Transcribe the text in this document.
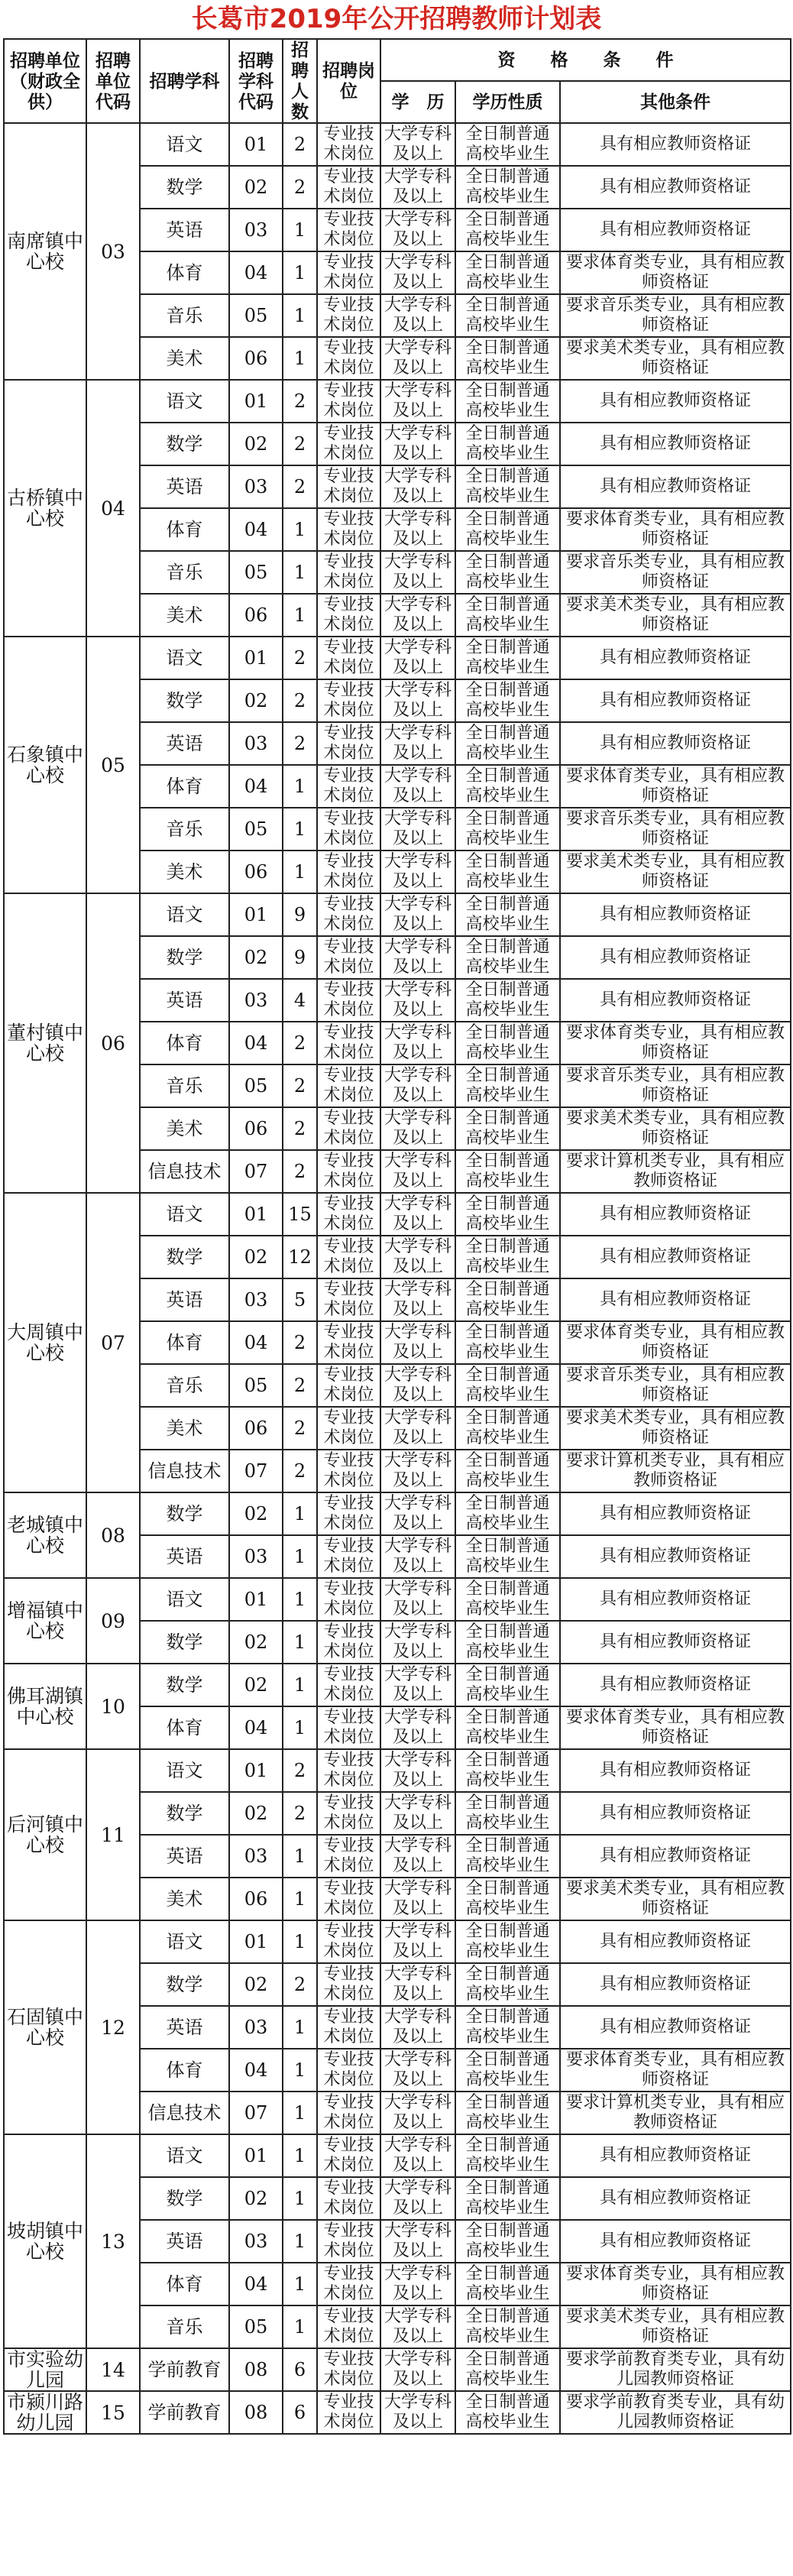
长葛市2019年公开招聘教师计划表
招聘单位（财政全供）	招聘单位代码	招聘学科	招聘学科代码	招聘人数	招聘岗位	资　　格　　条　　件		
						学　历	学历性质	其他条件
南席镇中心校	03	语文	01	2	专业技术岗位	大学专科及以上	全日制普通高校毕业生	具有相应教师资格证
		数学	02	2	专业技术岗位	大学专科及以上	全日制普通高校毕业生	具有相应教师资格证
		英语	03	1	专业技术岗位	大学专科及以上	全日制普通高校毕业生	具有相应教师资格证
		体育	04	1	专业技术岗位	大学专科及以上	全日制普通高校毕业生	要求体育类专业，具有相应教师资格证
		音乐	05	1	专业技术岗位	大学专科及以上	全日制普通高校毕业生	要求音乐类专业，具有相应教师资格证
		美术	06	1	专业技术岗位	大学专科及以上	全日制普通高校毕业生	要求美术类专业，具有相应教师资格证
古桥镇中心校	04	语文	01	2	专业技术岗位	大学专科及以上	全日制普通高校毕业生	具有相应教师资格证
		数学	02	2	专业技术岗位	大学专科及以上	全日制普通高校毕业生	具有相应教师资格证
		英语	03	2	专业技术岗位	大学专科及以上	全日制普通高校毕业生	具有相应教师资格证
		体育	04	1	专业技术岗位	大学专科及以上	全日制普通高校毕业生	要求体育类专业，具有相应教师资格证
		音乐	05	1	专业技术岗位	大学专科及以上	全日制普通高校毕业生	要求音乐类专业，具有相应教师资格证
		美术	06	1	专业技术岗位	大学专科及以上	全日制普通高校毕业生	要求美术类专业，具有相应教师资格证
石象镇中心校	05	语文	01	2	专业技术岗位	大学专科及以上	全日制普通高校毕业生	具有相应教师资格证
		数学	02	2	专业技术岗位	大学专科及以上	全日制普通高校毕业生	具有相应教师资格证
		英语	03	2	专业技术岗位	大学专科及以上	全日制普通高校毕业生	具有相应教师资格证
		体育	04	1	专业技术岗位	大学专科及以上	全日制普通高校毕业生	要求体育类专业，具有相应教师资格证
		音乐	05	1	专业技术岗位	大学专科及以上	全日制普通高校毕业生	要求音乐类专业，具有相应教师资格证
		美术	06	1	专业技术岗位	大学专科及以上	全日制普通高校毕业生	要求美术类专业，具有相应教师资格证
董村镇中心校	06	语文	01	9	专业技术岗位	大学专科及以上	全日制普通高校毕业生	具有相应教师资格证
		数学	02	9	专业技术岗位	大学专科及以上	全日制普通高校毕业生	具有相应教师资格证
		英语	03	4	专业技术岗位	大学专科及以上	全日制普通高校毕业生	具有相应教师资格证
		体育	04	2	专业技术岗位	大学专科及以上	全日制普通高校毕业生	要求体育类专业，具有相应教师资格证
		音乐	05	2	专业技术岗位	大学专科及以上	全日制普通高校毕业生	要求音乐类专业，具有相应教师资格证
		美术	06	2	专业技术岗位	大学专科及以上	全日制普通高校毕业生	要求美术类专业，具有相应教师资格证
		信息技术	07	2	专业技术岗位	大学专科及以上	全日制普通高校毕业生	要求计算机类专业，具有相应教师资格证
大周镇中心校	07	语文	01	15	专业技术岗位	大学专科及以上	全日制普通高校毕业生	具有相应教师资格证
		数学	02	12	专业技术岗位	大学专科及以上	全日制普通高校毕业生	具有相应教师资格证
		英语	03	5	专业技术岗位	大学专科及以上	全日制普通高校毕业生	具有相应教师资格证
		体育	04	2	专业技术岗位	大学专科及以上	全日制普通高校毕业生	要求体育类专业，具有相应教师资格证
		音乐	05	2	专业技术岗位	大学专科及以上	全日制普通高校毕业生	要求音乐类专业，具有相应教师资格证
		美术	06	2	专业技术岗位	大学专科及以上	全日制普通高校毕业生	要求美术类专业，具有相应教师资格证
		信息技术	07	2	专业技术岗位	大学专科及以上	全日制普通高校毕业生	要求计算机类专业，具有相应教师资格证
老城镇中心校	08	数学	02	1	专业技术岗位	大学专科及以上	全日制普通高校毕业生	具有相应教师资格证
		英语	03	1	专业技术岗位	大学专科及以上	全日制普通高校毕业生	具有相应教师资格证
增福镇中心校	09	语文	01	1	专业技术岗位	大学专科及以上	全日制普通高校毕业生	具有相应教师资格证
		数学	02	1	专业技术岗位	大学专科及以上	全日制普通高校毕业生	具有相应教师资格证
佛耳湖镇中心校	10	数学	02	1	专业技术岗位	大学专科及以上	全日制普通高校毕业生	具有相应教师资格证
		体育	04	1	专业技术岗位	大学专科及以上	全日制普通高校毕业生	要求体育类专业，具有相应教师资格证
后河镇中心校	11	语文	01	2	专业技术岗位	大学专科及以上	全日制普通高校毕业生	具有相应教师资格证
		数学	02	2	专业技术岗位	大学专科及以上	全日制普通高校毕业生	具有相应教师资格证
		英语	03	1	专业技术岗位	大学专科及以上	全日制普通高校毕业生	具有相应教师资格证
		美术	06	1	专业技术岗位	大学专科及以上	全日制普通高校毕业生	要求美术类专业，具有相应教师资格证
石固镇中心校	12	语文	01	1	专业技术岗位	大学专科及以上	全日制普通高校毕业生	具有相应教师资格证
		数学	02	2	专业技术岗位	大学专科及以上	全日制普通高校毕业生	具有相应教师资格证
		英语	03	1	专业技术岗位	大学专科及以上	全日制普通高校毕业生	具有相应教师资格证
		体育	04	1	专业技术岗位	大学专科及以上	全日制普通高校毕业生	要求体育类专业，具有相应教师资格证
		信息技术	07	1	专业技术岗位	大学专科及以上	全日制普通高校毕业生	要求计算机类专业，具有相应教师资格证
坡胡镇中心校	13	语文	01	1	专业技术岗位	大学专科及以上	全日制普通高校毕业生	具有相应教师资格证
		数学	02	1	专业技术岗位	大学专科及以上	全日制普通高校毕业生	具有相应教师资格证
		英语	03	1	专业技术岗位	大学专科及以上	全日制普通高校毕业生	具有相应教师资格证
		体育	04	1	专业技术岗位	大学专科及以上	全日制普通高校毕业生	要求体育类专业，具有相应教师资格证
		音乐	05	1	专业技术岗位	大学专科及以上	全日制普通高校毕业生	要求美术类专业，具有相应教师资格证
市实验幼儿园	14	学前教育	08	6	专业技术岗位	大学专科及以上	全日制普通高校毕业生	要求学前教育类专业，具有幼儿园教师资格证
市颍川路幼儿园	15	学前教育	08	6	专业技术岗位	大学专科及以上	全日制普通高校毕业生	要求学前教育类专业，具有幼儿园教师资格证
